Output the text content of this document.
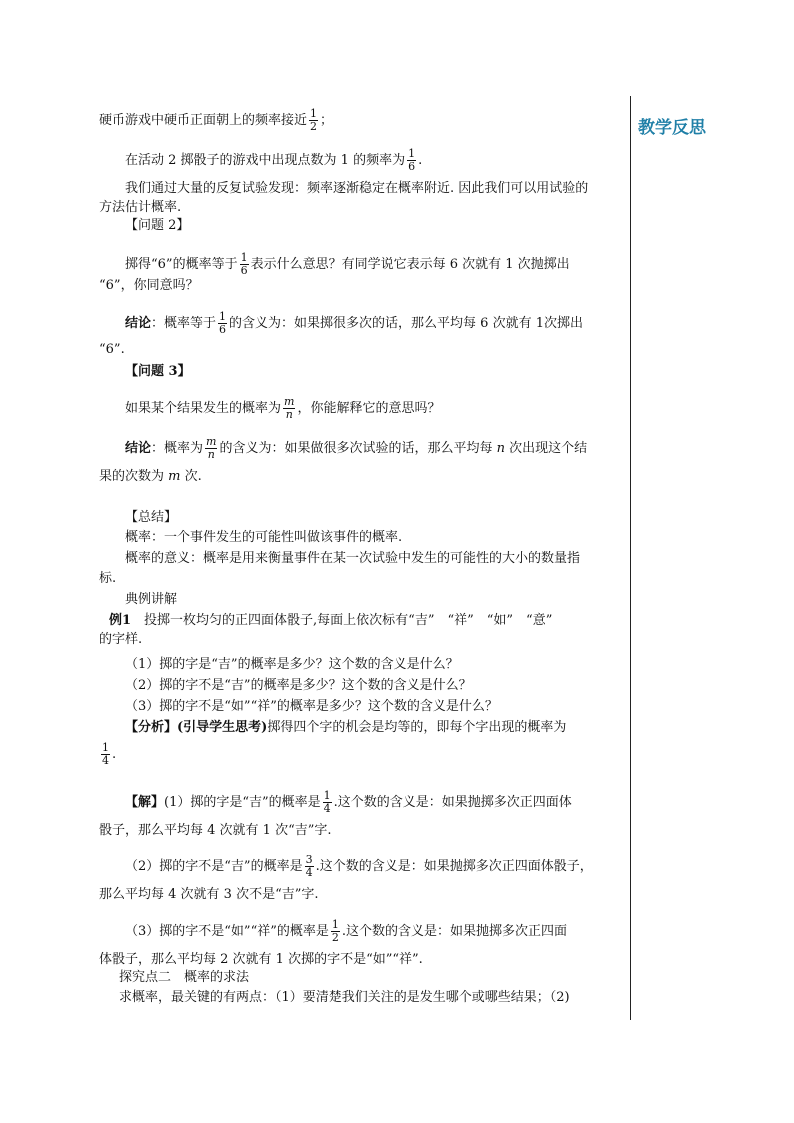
教学反思
硬币游戏中硬币正面朝上的频率接近 $\frac{1}{2}$ ；
在活动 2 掷骰子的游戏中出现点数为 1 的频率为 $\frac{1}{6}$ .
我们通过大量的反复试验发现：频率逐渐稳定在概率附近. 因此我们可以用试验的
方法估计概率.
【问题 2】
掷得“6”的概率等于 $\frac{1}{6}$ 表示什么意思？有同学说它表示每 6 次就有 1 次抛掷出
“6”，你同意吗？
结论：概率等于 $\frac{1}{6}$ 的含义为：如果掷很多次的话，那么平均每 6 次就有 1次掷出
“6”.
【问题 3】
如果某个结果发生的概率为 $\frac{m}{n}$ ，你能解释它的意思吗？
结论：概率为 $\frac{m}{n}$ 的含义为：如果做很多次试验的话，那么平均每 n 次出现这个结
果的次数为 m 次.
【总结】
概率：一个事件发生的可能性叫做该事件的概率.
概率的意义：概率是用来衡量事件在某一次试验中发生的可能性的大小的数量指
标.
典例讲解
例1　投掷一枚均匀的正四面体骰子,每面上依次标有“吉”　“祥”　“如”　“意”
的字样.
（1）掷的字是“吉”的概率是多少？这个数的含义是什么？
（2）掷的字不是“吉”的概率是多少？这个数的含义是什么？
（3）掷的字不是“如”“祥”的概率是多少？这个数的含义是什么？
【分析】(引导学生思考)掷得四个字的机会是均等的，即每个字出现的概率为
$\frac{1}{4}$ .
【解】(1）掷的字是“吉”的概率是 $\frac{1}{4}$ .这个数的含义是：如果抛掷多次正四面体
骰子，那么平均每 4 次就有 1 次“吉”字.
（2）掷的字不是“吉”的概率是 $\frac{3}{4}$ .这个数的含义是：如果抛掷多次正四面体骰子，
那么平均每 4 次就有 3 次不是“吉”字.
（3）掷的字不是“如”“祥”的概率是 $\frac{1}{2}$ .这个数的含义是：如果抛掷多次正四面
体骰子，那么平均每 2 次就有 1 次掷的字不是“如”“祥”.
探究点二　概率的求法
求概率，最关键的有两点：（1）要清楚我们关注的是发生哪个或哪些结果；（2)
